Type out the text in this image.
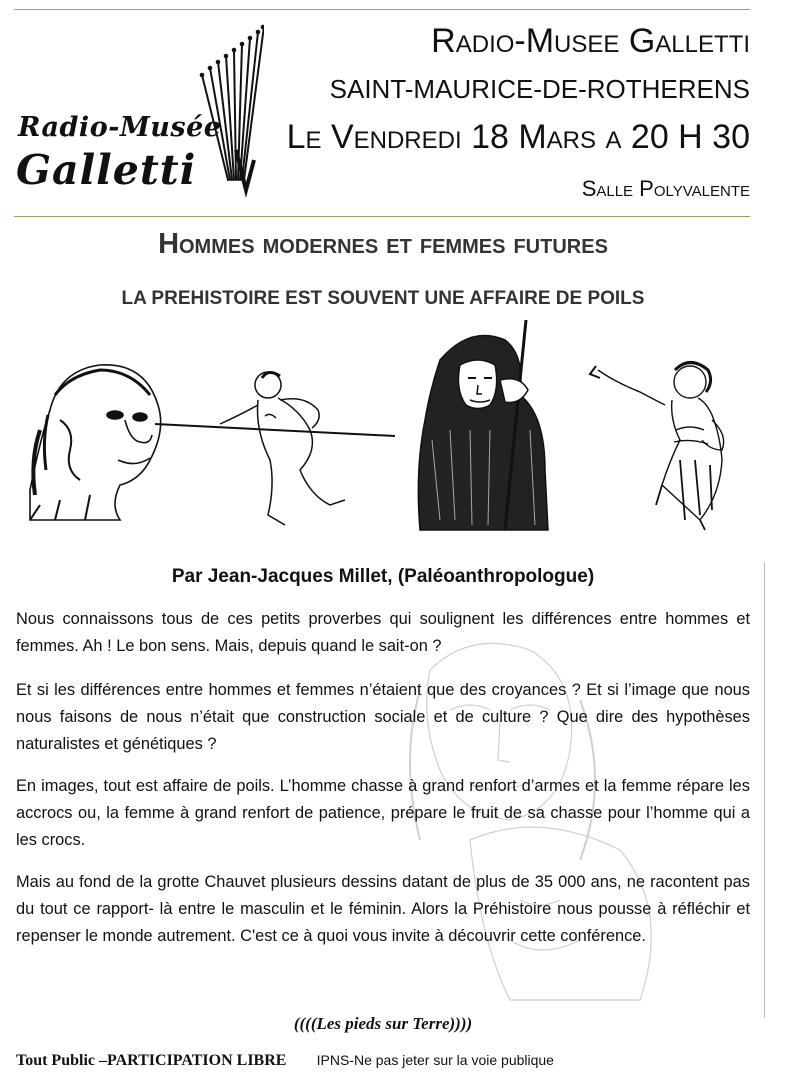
Radio-Musée
Galletti
Radio-Musee Galletti
SAINT-MAURICE-DE-ROTHERENS
Le Vendredi 18 Mars a 20 H 30
Salle Polyvalente
Hommes modernes et femmes futures
LA PREHISTOIRE EST SOUVENT UNE AFFAIRE DE POILS
Par Jean-Jacques Millet, (Paléoanthropologue)
Nous connaissons tous de ces petits proverbes qui soulignent les différences entre hommes et femmes. Ah ! Le bon sens. Mais, depuis quand le sait-on ?
Et si les différences entre hommes et femmes n’étaient que des croyances ? Et si l’image que nous nous faisons de nous n’était que construction sociale et de culture ? Que dire des hypothèses naturalistes et génétiques ?
En images, tout est affaire de poils. L’homme chasse à grand renfort d’armes et la femme répare les accrocs ou, la femme à grand renfort de patience, prépare le fruit de sa chasse pour l’homme qui a les crocs.
Mais au fond de la grotte Chauvet plusieurs dessins datant de plus de 35 000 ans, ne racontent pas du tout ce rapport- là entre le masculin et le féminin. Alors la Préhistoire nous pousse à réfléchir et repenser le monde autrement. C'est ce à quoi vous invite à découvrir cette conférence.
((((Les pieds sur Terre))))
Tout Public –PARTICIPATION LIBRE IPNS-Ne pas jeter sur la voie publique
